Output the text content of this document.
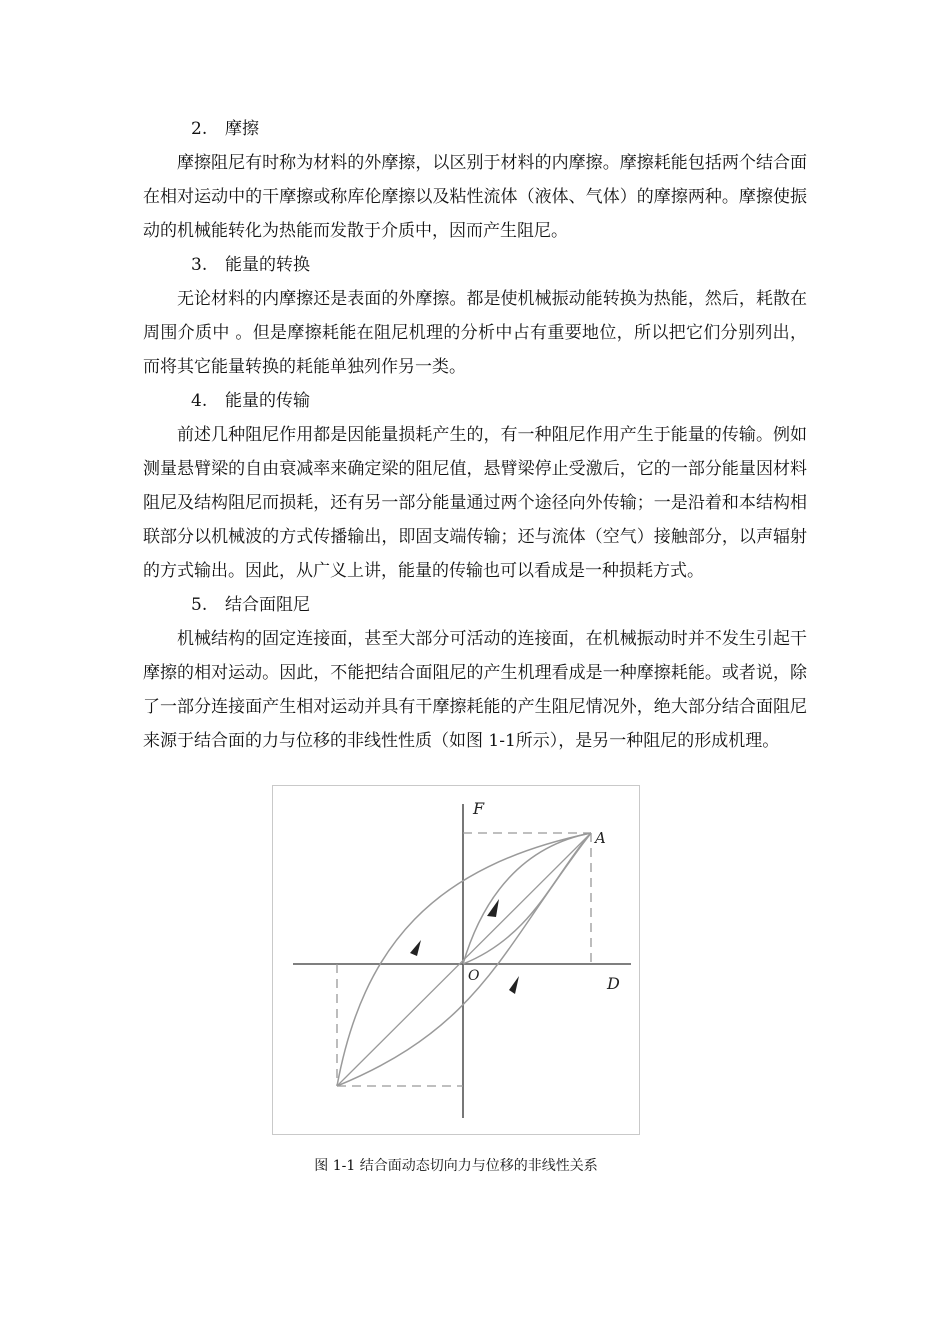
2. 摩擦

摩擦阻尼有时称为材料的外摩擦，以区别于材料的内摩擦。摩擦耗能包括两个结合面在相对运动中的干摩擦或称库伦摩擦以及粘性流体（液体、气体）的摩擦两种。摩擦使振动的机械能转化为热能而发散于介质中，因而产生阻尼。

3. 能量的转换

无论材料的内摩擦还是表面的外摩擦。都是使机械振动能转换为热能，然后，耗散在周围介质中 。但是摩擦耗能在阻尼机理的分析中占有重要地位，所以把它们分别列出，而将其它能量转换的耗能单独列作另一类。

4. 能量的传输

前述几种阻尼作用都是因能量损耗产生的，有一种阻尼作用产生于能量的传输。例如测量悬臂梁的自由衰减率来确定梁的阻尼值，悬臂梁停止受激后，它的一部分能量因材料阻尼及结构阻尼而损耗，还有另一部分能量通过两个途径向外传输；一是沿着和本结构相联部分以机械波的方式传播输出，即固支端传输；还与流体（空气）接触部分，以声辐射的方式输出。因此，从广义上讲，能量的传输也可以看成是一种损耗方式。

5. 结合面阻尼

机械结构的固定连接面，甚至大部分可活动的连接面，在机械振动时并不发生引起干摩擦的相对运动。因此，不能把结合面阻尼的产生机理看成是一种摩擦耗能。或者说，除了一部分连接面产生相对运动并具有干摩擦耗能的产生阻尼情况外，绝大部分结合面阻尼来源于结合面的力与位移的非线性性质（如图 1-1所示），是另一种阻尼的形成机理。

F
A
O	D
图 1-1 结合面动态切向力与位移的非线性关系
